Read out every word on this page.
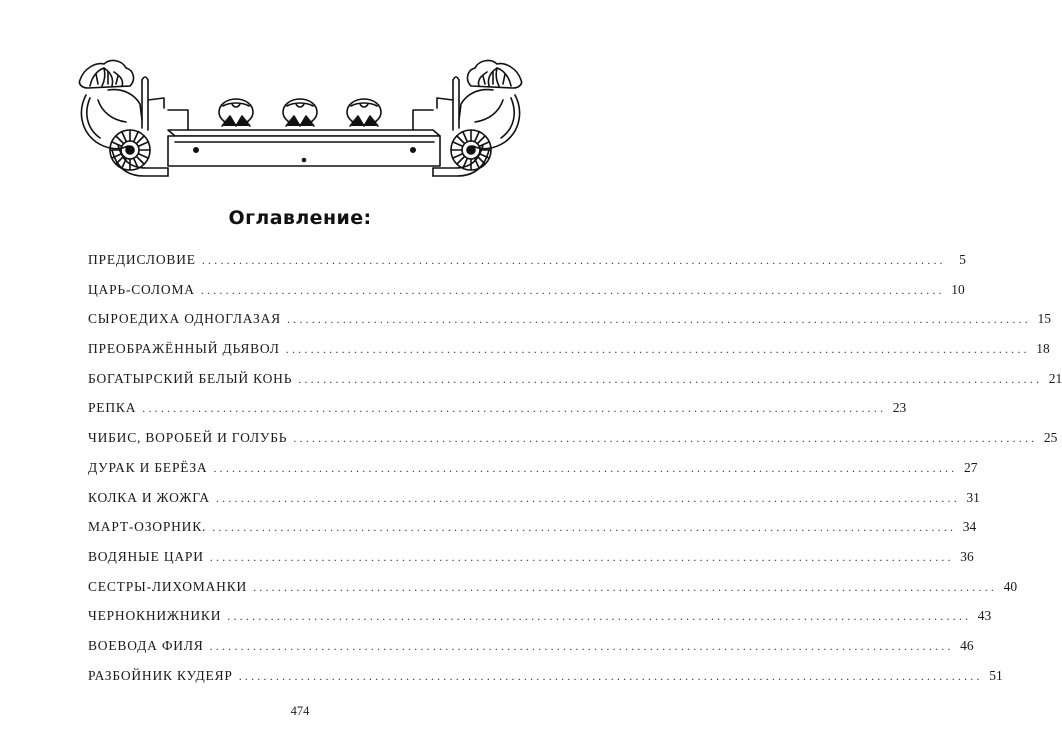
Оглавление:
ПРЕДИСЛОВИЕ ........................................................................................................................ 5
ЦАРЬ-СОЛОМА ........................................................................................................................ 10
СЫРОЕДИХА ОДНОГЛАЗАЯ ........................................................................................................................ 15
ПРЕОБРАЖЁННЫЙ ДЬЯВОЛ ........................................................................................................................ 18
БОГАТЫРСКИЙ БЕЛЫЙ КОНЬ ........................................................................................................................ 21
РЕПКА ........................................................................................................................ 23
ЧИБИС, ВОРОБЕЙ И ГОЛУБЬ ........................................................................................................................ 25
ДУРАК И БЕРЁЗА ........................................................................................................................ 27
КОЛКА И ЖОЖГА ........................................................................................................................ 31
МАРТ-ОЗОРНИК. ........................................................................................................................ 34
ВОДЯНЫЕ ЦАРИ ........................................................................................................................ 36
СЕСТРЫ-ЛИХОМАНКИ ........................................................................................................................ 40
ЧЕРНОКНИЖНИКИ ........................................................................................................................ 43
ВОЕВОДА ФИЛЯ ........................................................................................................................ 46
РАЗБОЙНИК КУДЕЯР ........................................................................................................................ 51
474
